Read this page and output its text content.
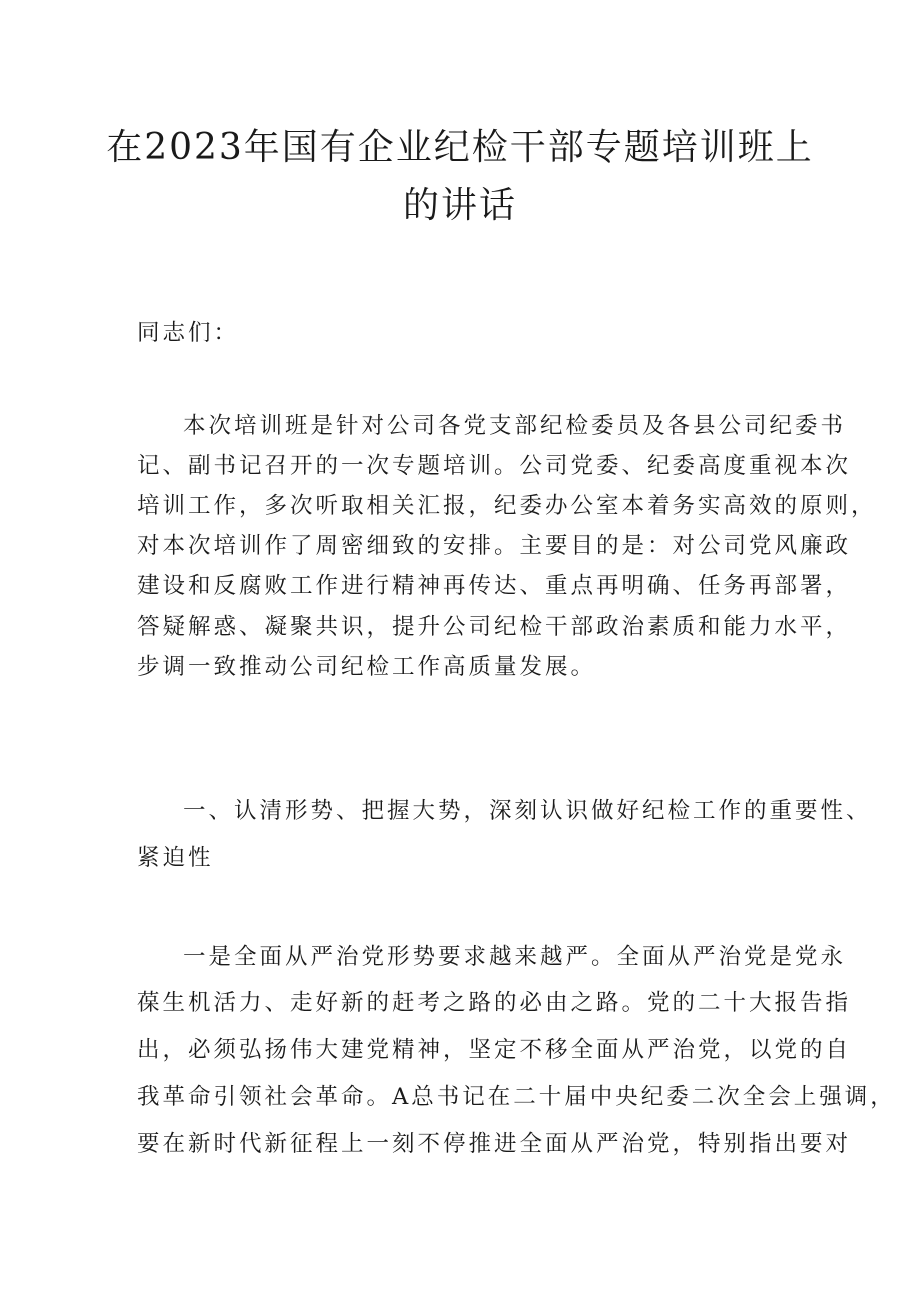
在2023年国有企业纪检干部专题培训班上
的讲话
同志们：
本次培训班是针对公司各党支部纪检委员及各县公司纪委书
记、副书记召开的一次专题培训。公司党委、纪委高度重视本次
培训工作，多次听取相关汇报，纪委办公室本着务实高效的原则，
对本次培训作了周密细致的安排。主要目的是：对公司党风廉政
建设和反腐败工作进行精神再传达、重点再明确、任务再部署，
答疑解惑、凝聚共识，提升公司纪检干部政治素质和能力水平，
步调一致推动公司纪检工作高质量发展。
一、认清形势、把握大势，深刻认识做好纪检工作的重要性、
紧迫性
一是全面从严治党形势要求越来越严。全面从严治党是党永
葆生机活力、走好新的赶考之路的必由之路。党的二十大报告指
出，必须弘扬伟大建党精神，坚定不移全面从严治党，以党的自
我革命引领社会革命。A总书记在二十届中央纪委二次全会上强调，
要在新时代新征程上一刻不停推进全面从严治党，特别指出要对
